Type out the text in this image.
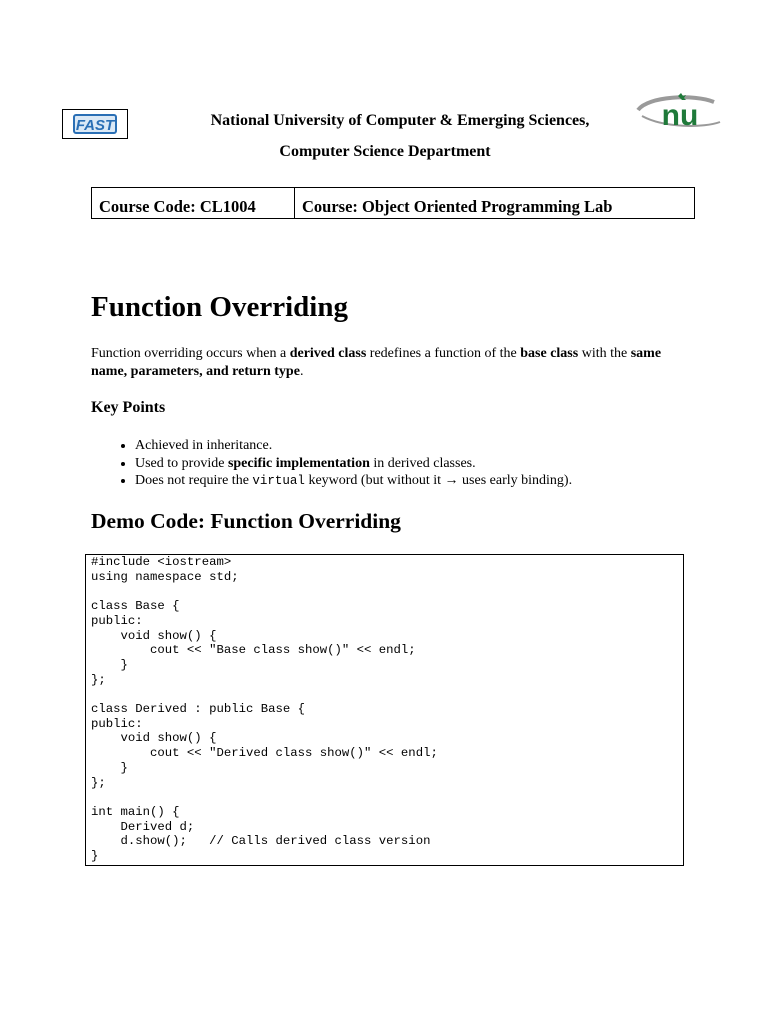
FAST	nu
National University of Computer & Emerging Sciences,
Computer Science Department
Course Code: CL1004	Course: Object Oriented Programming Lab
Function Overriding

Function overriding occurs when a derived class redefines a function of the base class with the same name, parameters, and return type.

Key Points
• Achieved in inheritance.
• Used to provide specific implementation in derived classes.
• Does not require the virtual keyword (but without it → uses early binding).
Demo Code: Function Overriding
#include <iostream>
using namespace std;

class Base {
public:
void show() {
cout << "Base class show()" << endl;
}
};

class Derived : public Base {
public:
void show() {
cout << "Derived class show()" << endl;
}
};

int main() {
Derived d;
d.show();   // Calls derived class version
}
